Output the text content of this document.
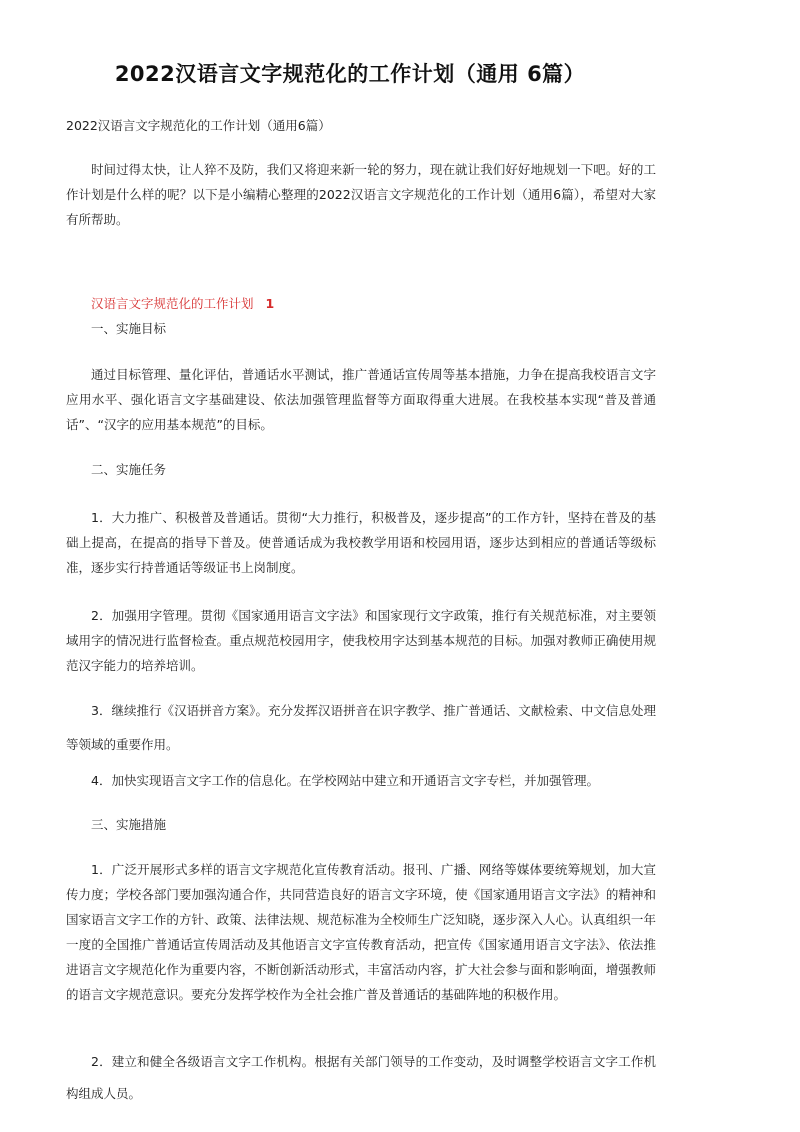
2022汉语言文字规范化的工作计划（通用 6篇）
2022汉语言文字规范化的工作计划（通用6篇）
时间过得太快，让人猝不及防，我们又将迎来新一轮的努力，现在就让我们好好地规划一下吧。好的工作计划是什么样的呢？以下是小编精心整理的2022汉语言文字规范化的工作计划（通用6篇），希望对大家有所帮助。
汉语言文字规范化的工作计划 1
一、实施目标
通过目标管理、量化评估，普通话水平测试，推广普通话宣传周等基本措施，力争在提高我校语言文字应用水平、强化语言文字基础建设、依法加强管理监督等方面取得重大进展。在我校基本实现“普及普通话”、“汉字的应用基本规范”的目标。
二、实施任务
1．大力推广、积极普及普通话。贯彻“大力推行，积极普及，逐步提高”的工作方针，坚持在普及的基础上提高，在提高的指导下普及。使普通话成为我校教学用语和校园用语，逐步达到相应的普通话等级标准，逐步实行持普通话等级证书上岗制度。
2．加强用字管理。贯彻《国家通用语言文字法》和国家现行文字政策，推行有关规范标准，对主要领域用字的情况进行监督检查。重点规范校园用字，使我校用字达到基本规范的目标。加强对教师正确使用规范汉字能力的培养培训。
3．继续推行《汉语拼音方案》。充分发挥汉语拼音在识字教学、推广普通话、文献检索、中文信息处理等领域的重要作用。
4．加快实现语言文字工作的信息化。在学校网站中建立和开通语言文字专栏，并加强管理。
三、实施措施
1．广泛开展形式多样的语言文字规范化宣传教育活动。报刊、广播、网络等媒体要统筹规划，加大宣传力度；学校各部门要加强沟通合作，共同营造良好的语言文字环境，使《国家通用语言文字法》的精神和国家语言文字工作的方针、政策、法律法规、规范标准为全校师生广泛知晓，逐步深入人心。认真组织一年一度的全国推广普通话宣传周活动及其他语言文字宣传教育活动，把宣传《国家通用语言文字法》、依法推进语言文字规范化作为重要内容，不断创新活动形式，丰富活动内容，扩大社会参与面和影响面，增强教师的语言文字规范意识。要充分发挥学校作为全社会推广普及普通话的基础阵地的积极作用。
2．建立和健全各级语言文字工作机构。根据有关部门领导的工作变动，及时调整学校语言文字工作机构组成人员。
